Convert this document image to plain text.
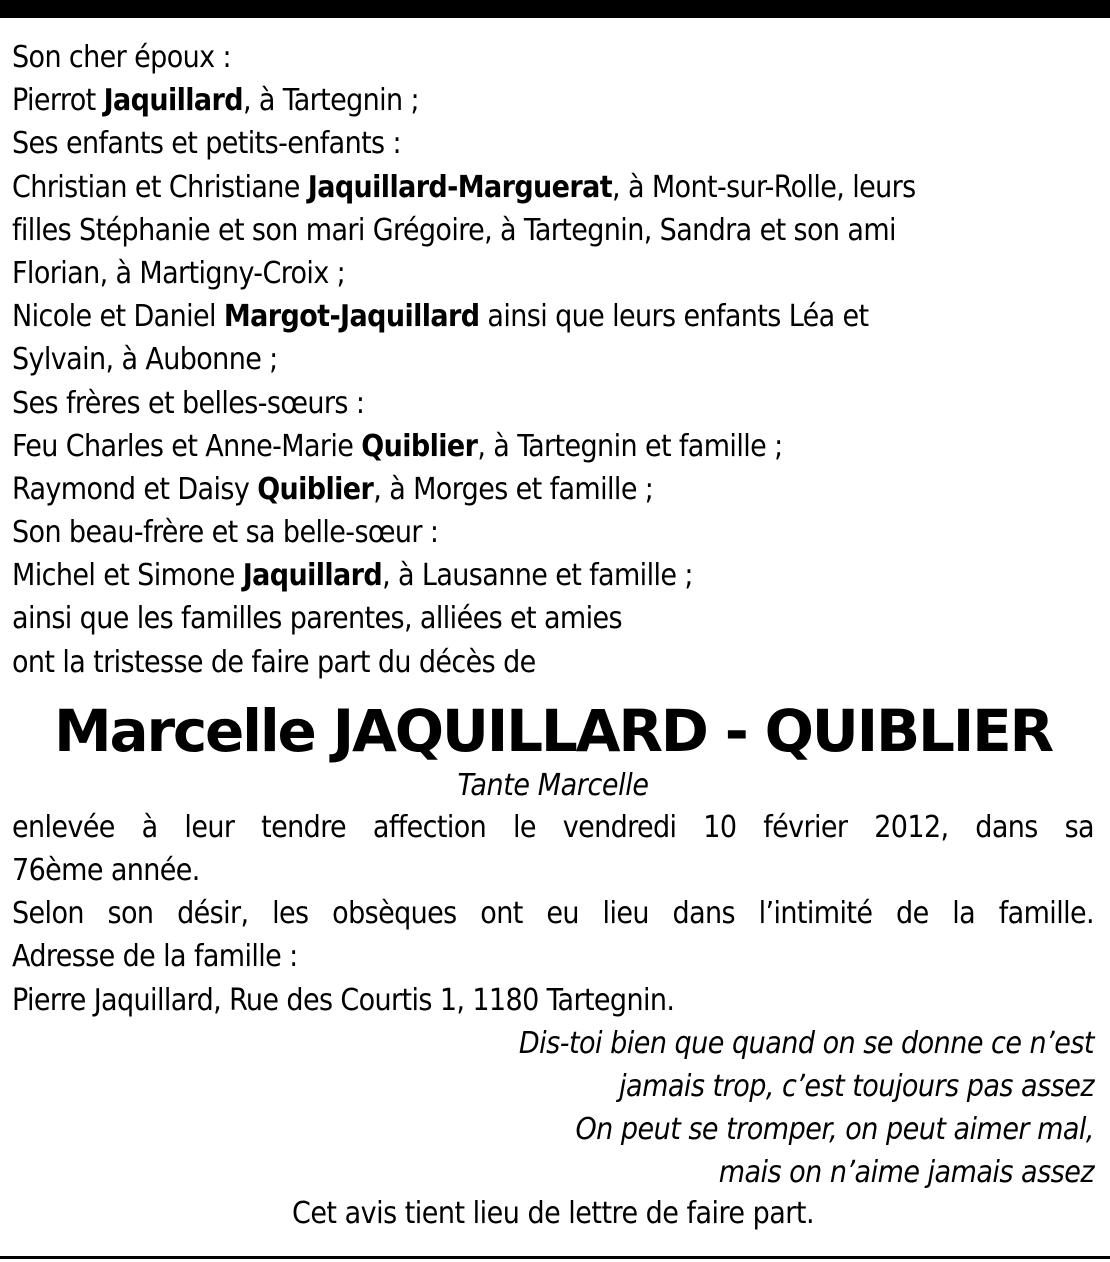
Son cher époux :
Pierrot Jaquillard, à Tartegnin ;
Ses enfants et petits-enfants :
Christian et Christiane Jaquillard-Marguerat, à Mont-sur-Rolle, leurs
filles Stéphanie et son mari Grégoire, à Tartegnin, Sandra et son ami
Florian, à Martigny-Croix ;
Nicole et Daniel Margot-Jaquillard ainsi que leurs enfants Léa et
Sylvain, à Aubonne ;
Ses frères et belles-sœurs :
Feu Charles et Anne-Marie Quiblier, à Tartegnin et famille ;
Raymond et Daisy Quiblier, à Morges et famille ;
Son beau-frère et sa belle-sœur :
Michel et Simone Jaquillard, à Lausanne et famille ;
ainsi que les familles parentes, alliées et amies
ont la tristesse de faire part du décès de
Marcelle JAQUILLARD - QUIBLIER
Tante Marcelle
enlevée à leur tendre affection le vendredi 10 février 2012, dans sa
76ème année.
Selon son désir, les obsèques ont eu lieu dans l’intimité de la famille.
Adresse de la famille :
Pierre Jaquillard, Rue des Courtis 1, 1180 Tartegnin.
Dis-toi bien que quand on se donne ce n’est
jamais trop, c’est toujours pas assez
On peut se tromper, on peut aimer mal,
mais on n’aime jamais assez
Cet avis tient lieu de lettre de faire part.
